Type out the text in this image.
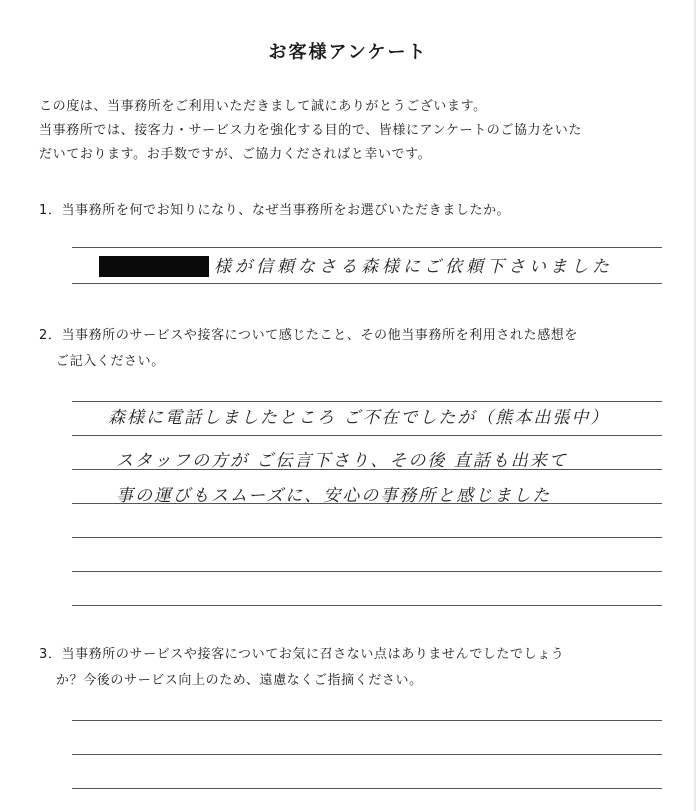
お客様アンケート
この度は、当事務所をご利用いただきまして誠にありがとうございます。
当事務所では、接客力・サービス力を強化する目的で、皆様にアンケートのご協力をいた
だいております。お手数ですが、ご協力くださればと幸いです。
1．当事務所を何でお知りになり、なぜ当事務所をお選びいただきましたか。
様が信頼なさる森様にご依頼下さいました
2．当事務所のサービスや接客について感じたこと、その他当事務所を利用された感想を
ご記入ください。
森様に電話しましたところ ご不在でしたが（熊本出張中）
スタッフの方が ご伝言下さり、その後 直話も出来て
事の運びもスムーズに、安心の事務所と感じました
3．当事務所のサービスや接客についてお気に召さない点はありませんでしたでしょう
か？今後のサービス向上のため、遠慮なくご指摘ください。
